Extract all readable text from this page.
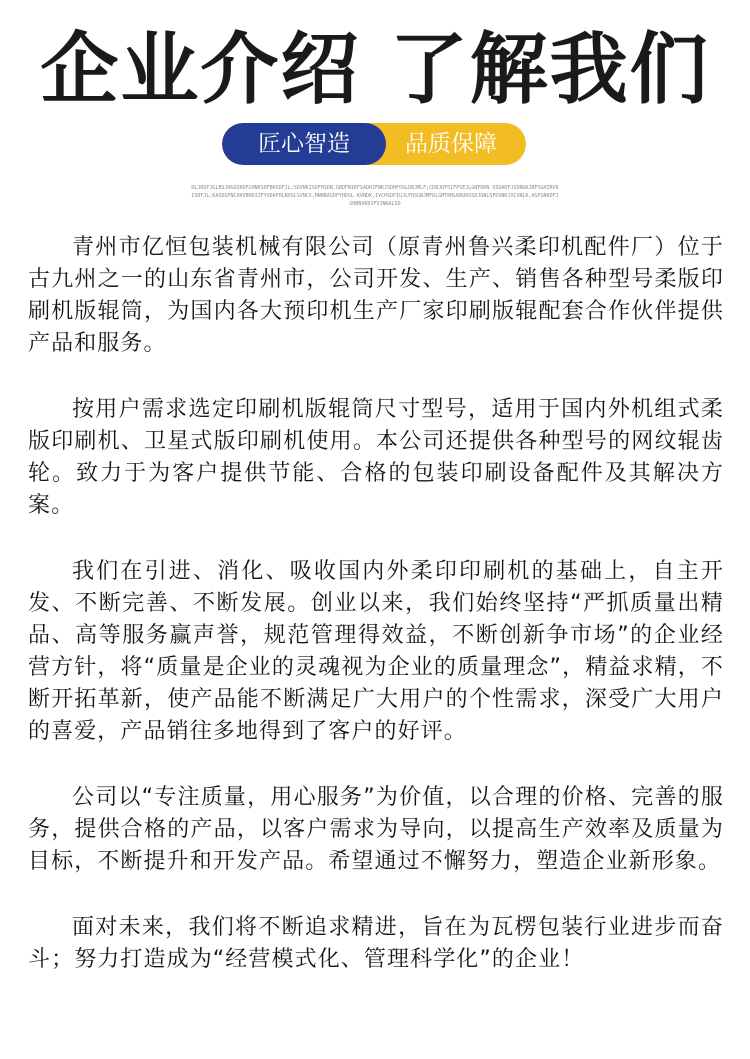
企业介绍 了解我们
匠心智造	品质保障
DLJKDFJGLBSJHGOIKDFGHNKSDFBKSDFJL;SDVNKISDFHSDN,GBDFNIKFSADHJFNKJSDHFOSLDBJMLF;CDBJDFOIFPSEJLGNFDKN OSUADFJSDNGKJBFSGHIRVKISDFJL;KASDGFNCXKVBHDIIFYUDAFHLNOSLSVNCX,MNNBASDFYHDSL KVNDK,IVCHSDFIUJLFDSGNJMFDLGMTRHLKRUROSDJGNLSFDVNKJXCVNLK,ASFGNKDFJGHBNVKDSFVJNKALSD

青州市亿恒包装机械有限公司（原青州鲁兴柔印机配件厂）位于古九州之一的山东省青州市，公司开发、生产、销售各种型号柔版印刷机版辊筒，为国内各大预印机生产厂家印刷版辊配套合作伙伴提供产品和服务。

按用户需求选定印刷机版辊筒尺寸型号，适用于国内外机组式柔版印刷机、卫星式版印刷机使用。本公司还提供各种型号的网纹辊齿轮。致力于为客户提供节能、合格的包装印刷设备配件及其解决方案。

我们在引进、消化、吸收国内外柔印印刷机的基础上，自主开发、不断完善、不断发展。创业以来，我们始终坚持“严抓质量出精品、高等服务赢声誉，规范管理得效益，不断创新争市场”的企业经营方针，将“质量是企业的灵魂视为企业的质量理念”，精益求精，不断开拓革新，使产品能不断满足广大用户的个性需求，深受广大用户的喜爱，产品销往多地得到了客户的好评。

公司以“专注质量，用心服务”为价值，以合理的价格、完善的服务，提供合格的产品，以客户需求为导向，以提高生产效率及质量为目标，不断提升和开发产品。希望通过不懈努力，塑造企业新形象。

面对未来，我们将不断追求精进，旨在为瓦楞包装行业进步而奋斗；努力打造成为“经营模式化、管理科学化”的企业！
